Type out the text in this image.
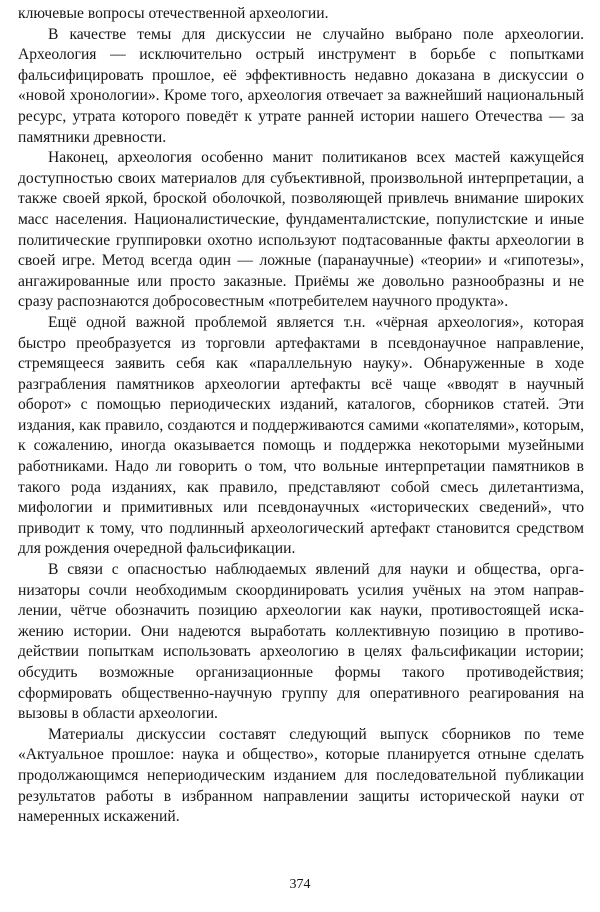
ключевые вопросы отечественной археологии.

В качестве темы для дискуссии не случайно выбрано поле археологии. Археология — исключительно острый инструмент в борьбе с попытками фальсифицировать прошлое, её эффективность недавно доказана в дискуссии о «новой хронологии». Кроме того, археология отвечает за важнейший национальный ресурс, утрата которого поведёт к утрате ранней истории нашего Отечества — за памятники древности.

Наконец, археология особенно манит политиканов всех мастей кажущейся доступностью своих материалов для субъективной, произвольной интерпретации, а также своей яркой, броской оболочкой, позволяющей привлечь внимание широких масс населения. Националистические, фундаменталистские, популистские и иные политические группировки охотно используют подтасованные факты археологии в своей игре. Метод всегда один — ложные (паранаучные) «теории» и «гипотезы», ангажированные или просто заказные. Приёмы же довольно разнообразны и не сразу распознаются добросовестным «потребителем научного продукта».

Ещё одной важной проблемой является т.н. «чёрная археология», которая быстро преобразуется из торговли артефактами в псевдонаучное направление, стремящееся заявить себя как «параллельную науку». Обнаруженные в ходе разграбления памятников археологии артефакты всё чаще «вводят в научный оборот» с помощью периодических изданий, каталогов, сборников статей. Эти издания, как правило, создаются и поддерживаются самими «копателями», которым, к сожалению, иногда оказывается помощь и поддержка некоторыми музейными работниками. Надо ли говорить о том, что вольные интерпретации памятников в такого рода изданиях, как правило, представляют собой смесь дилетантизма, мифологии и примитивных или псевдонаучных «исторических сведений», что приводит к тому, что подлинный археологический артефакт становится средством для рождения очередной фальсификации.

В связи с опасностью наблюдаемых явлений для науки и общества, организаторы сочли необходимым скоординировать усилия учёных на этом направлении, чётче обозначить позицию археологии как науки, противостоящей искажению истории. Они надеются выработать коллективную позицию в противодействии попыткам использовать археологию в целях фальсификации истории; обсудить возможные организационные формы такого противодействия; сформировать общественно-научную группу для оперативного реагирования на вызовы в области археологии.

Материалы дискуссии составят следующий выпуск сборников по теме «Актуальное прошлое: наука и общество», которые планируется отныне сделать продолжающимся непериодическим изданием для последовательной публикации результатов работы в избранном направлении защиты исторической науки от намеренных искажений.

374
